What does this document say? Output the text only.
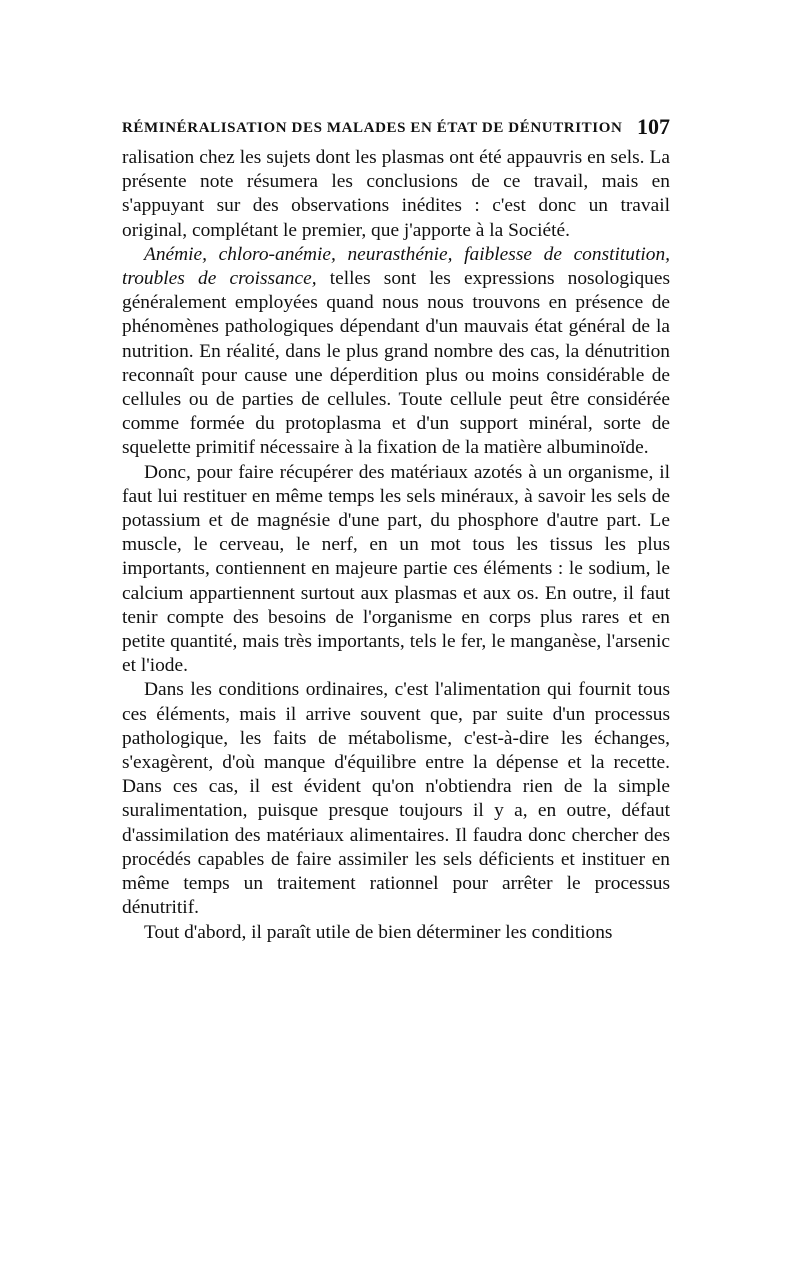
RÉMINÉRALISATION DES MALADES EN ÉTAT DE DÉNUTRITION 107

ralisation chez les sujets dont les plasmas ont été appauvris en sels. La présente note résumera les conclusions de ce travail, mais en s'appuyant sur des observations inédites : c'est donc un travail original, complétant le premier, que j'apporte à la Société.

Anémie, chloro-anémie, neurasthénie, faiblesse de constitution, troubles de croissance, telles sont les expressions nosologiques généralement employées quand nous nous trouvons en présence de phénomènes pathologiques dépendant d'un mauvais état général de la nutrition. En réalité, dans le plus grand nombre des cas, la dénutrition reconnaît pour cause une déperdition plus ou moins considérable de cellules ou de parties de cellules. Toute cellule peut être considérée comme formée du protoplasma et d'un support minéral, sorte de squelette primitif nécessaire à la fixation de la matière albuminoïde.

Donc, pour faire récupérer des matériaux azotés à un organisme, il faut lui restituer en même temps les sels minéraux, à savoir les sels de potassium et de magnésie d'une part, du phosphore d'autre part. Le muscle, le cerveau, le nerf, en un mot tous les tissus les plus importants, contiennent en majeure partie ces éléments : le sodium, le calcium appartiennent surtout aux plasmas et aux os. En outre, il faut tenir compte des besoins de l'organisme en corps plus rares et en petite quantité, mais très importants, tels le fer, le manganèse, l'arsenic et l'iode.

Dans les conditions ordinaires, c'est l'alimentation qui fournit tous ces éléments, mais il arrive souvent que, par suite d'un processus pathologique, les faits de métabolisme, c'est-à-dire les échanges, s'exagèrent, d'où manque d'équilibre entre la dépense et la recette. Dans ces cas, il est évident qu'on n'obtiendra rien de la simple suralimentation, puisque presque toujours il y a, en outre, défaut d'assimilation des matériaux alimentaires. Il faudra donc chercher des procédés capables de faire assimiler les sels déficients et instituer en même temps un traitement rationnel pour arrêter le processus dénutritif.

Tout d'abord, il paraît utile de bien déterminer les conditions
